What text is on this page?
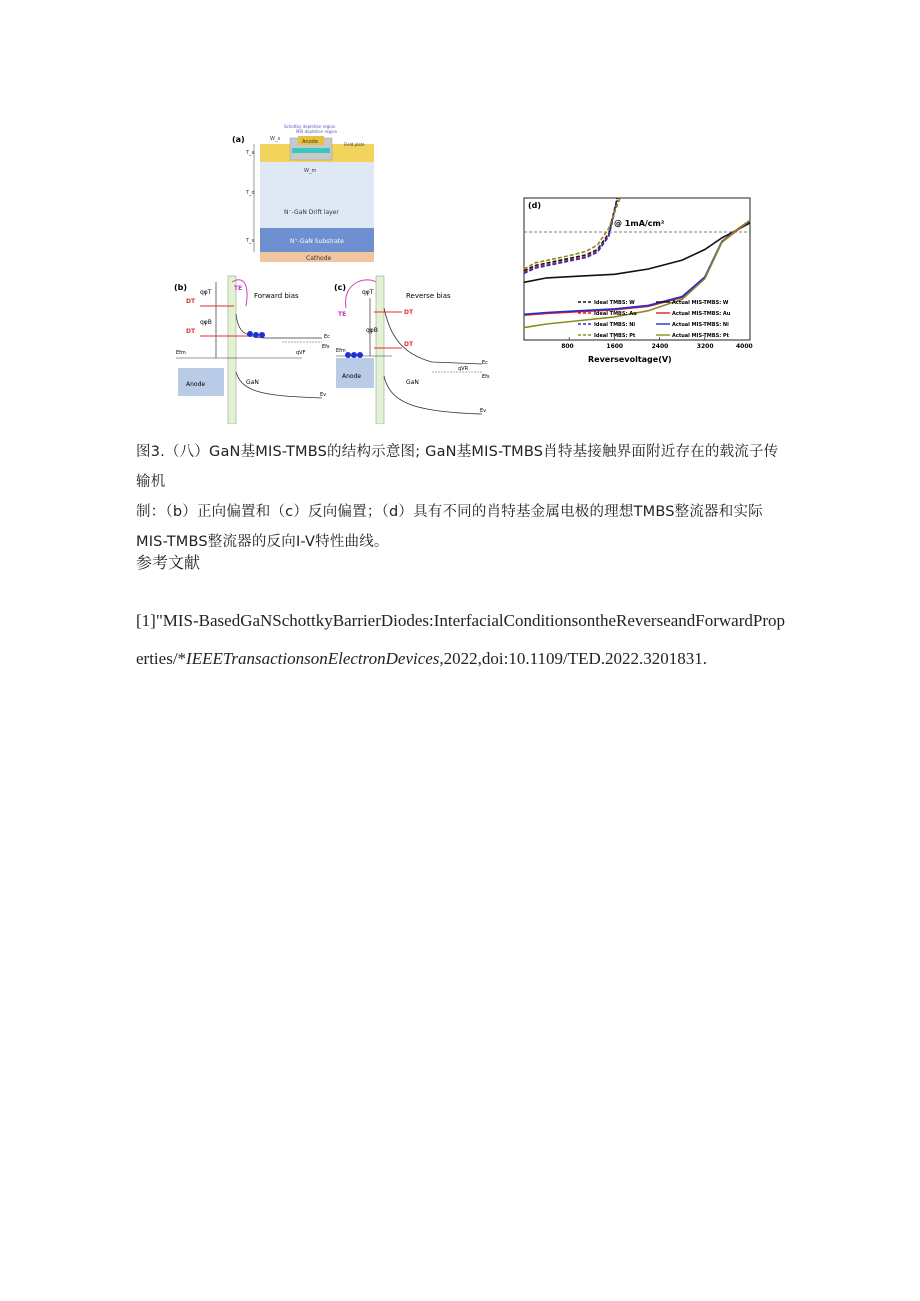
(a)	Anode
Schottky depletion region
MIS depletion region
Field plate
N⁻-GaN Drift layer
N⁺-GaN Substrate
Cathode
T_a
T_d
T_s
W_s
W_m
(b)
Forward bias
Anode	GaN
TE
DT
DT
qφT
qφB
Ec
Efs
Efm	qVF
Ev
(c)
Reverse bias
Anode
GaN
TE	DT
DT
qφT
qφB
Ec
Efs
Efm
qVR
Ev
(d)
@ 1mA/cm²
800	1600	2400	3200	4000
Ideal TMBS: W
Ideal TMBS: Au
Ideal TMBS: Ni
Ideal TMBS: Pt
Actual MIS-TMBS: W
Actual MIS-TMBS: Au
Actual MIS-TMBS: Ni
Actual MIS-TMBS: Pt
Reversevoltage(V)
图3.（八）GaN基MIS-TMBS的结构示意图; GaN基MIS-TMBS肖特基接触界面附近存在的载流子传输机
制：（b）正向偏置和（c）反向偏置；（d）具有不同的肖特基金属电极的理想TMBS整流器和实际
MIS-TMBS整流器的反向I-V特性曲线。
参考文献
[1]"MIS-BasedGaNSchottkyBarrierDiodes:InterfacialConditionsontheReverseandForwardProperties/*IEEETransactionsonElectronDevices,2022,doi:10.1109/TED.2022.3201831.
